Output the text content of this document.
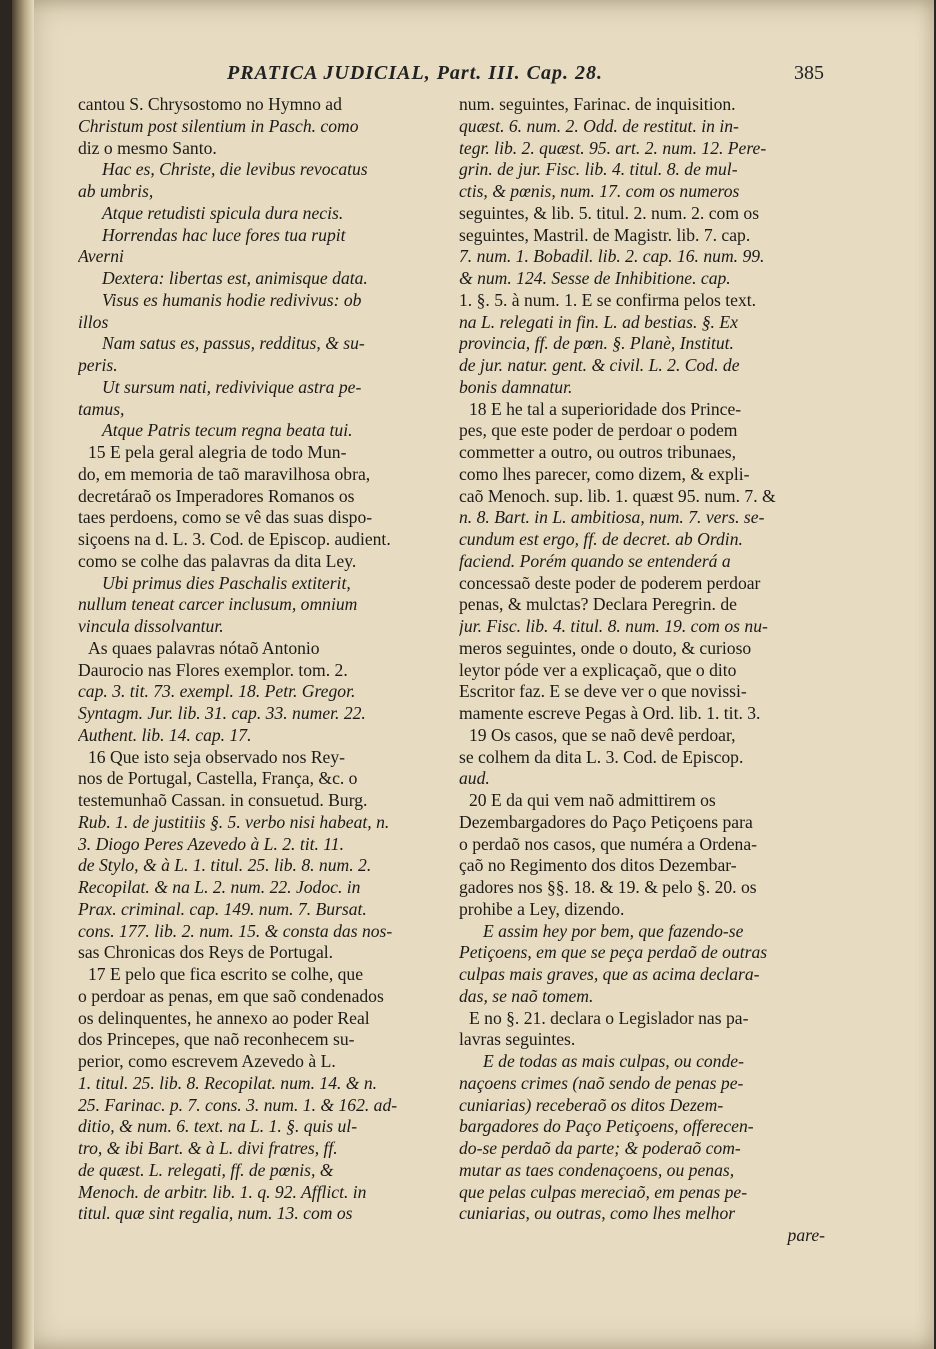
PRATICA JUDICIAL, Part. III. Cap. 28.	385
cantou S. Chrysostomo no Hymno ad
Christum post silentium in Pasch. como
diz o mesmo Santo.
Hac es, Christe, die levibus revocatus
ab umbris,
Atque retudisti spicula dura necis.
Horrendas hac luce fores tua rupit
Averni
Dextera: libertas est, animisque data.
Visus es humanis hodie redivivus: ob
illos
Nam satus es, passus, redditus, & su-
peris.
Ut sursum nati, redivivique astra pe-
tamus,
Atque Patris tecum regna beata tui.
15 E pela geral alegria de todo Mun-
do, em memoria de taõ maravilhosa obra,
decretáraõ os Imperadores Romanos os
taes perdoens, como se vê das suas dispo-
siçoens na d. L. 3. Cod. de Episcop. audient.
como se colhe das palavras da dita Ley.
Ubi primus dies Paschalis extiterit,
nullum teneat carcer inclusum, omnium
vincula dissolvantur.
As quaes palavras nótaõ Antonio
Daurocio nas Flores exemplor. tom. 2.
cap. 3. tit. 73. exempl. 18. Petr. Gregor.
Syntagm. Jur. lib. 31. cap. 33. numer. 22.
Authent. lib. 14. cap. 17.
16 Que isto seja observado nos Rey-
nos de Portugal, Castella, França, &c. o
testemunhaõ Cassan. in consuetud. Burg.
Rub. 1. de justitiis §. 5. verbo nisi habeat, n.
3. Diogo Peres Azevedo à L. 2. tit. 11.
de Stylo, & à L. 1. titul. 25. lib. 8. num. 2.
Recopilat. & na L. 2. num. 22. Jodoc. in
Prax. criminal. cap. 149. num. 7. Bursat.
cons. 177. lib. 2. num. 15. & consta das nos-
sas Chronicas dos Reys de Portugal.
17 E pelo que fica escrito se colhe, que
o perdoar as penas, em que saõ condenados
os delinquentes, he annexo ao poder Real
dos Princepes, que naõ reconhecem su-
perior, como escrevem Azevedo à L.
1. titul. 25. lib. 8. Recopilat. num. 14. & n.
25. Farinac. p. 7. cons. 3. num. 1. & 162. ad-
ditio, & num. 6. text. na L. 1. §. quis ul-
tro, & ibi Bart. & à L. divi fratres, ff.
de quæst. L. relegati, ff. de pœnis, &
Menoch. de arbitr. lib. 1. q. 92. Afflict. in
titul. quæ sint regalia, num. 13. com os
num. seguintes, Farinac. de inquisition.
quæst. 6. num. 2. Odd. de restitut. in in-
tegr. lib. 2. quæst. 95. art. 2. num. 12. Pere-
grin. de jur. Fisc. lib. 4. titul. 8. de mul-
ctis, & pœnis, num. 17. com os numeros
seguintes, & lib. 5. titul. 2. num. 2. com os
seguintes, Mastril. de Magistr. lib. 7. cap.
7. num. 1. Bobadil. lib. 2. cap. 16. num. 99.
& num. 124. Sesse de Inhibitione. cap.
1. §. 5. à num. 1. E se confirma pelos text.
na L. relegati in fin. L. ad bestias. §. Ex
provincia, ff. de pœn. §. Planè, Institut.
de jur. natur. gent. & civil. L. 2. Cod. de
bonis damnatur.
18 E he tal a superioridade dos Prince-
pes, que este poder de perdoar o podem
commetter a outro, ou outros tribunaes,
como lhes parecer, como dizem, & expli-
caõ Menoch. sup. lib. 1. quæst 95. num. 7. &
n. 8. Bart. in L. ambitiosa, num. 7. vers. se-
cundum est ergo, ff. de decret. ab Ordin.
faciend. Porém quando se entenderá a
concessaõ deste poder de poderem perdoar
penas, & mulctas? Declara Peregrin. de
jur. Fisc. lib. 4. titul. 8. num. 19. com os nu-
meros seguintes, onde o douto, & curioso
leytor póde ver a explicaçaõ, que o dito
Escritor faz. E se deve ver o que novissi-
mamente escreve Pegas à Ord. lib. 1. tit. 3.
19 Os casos, que se naõ devê perdoar,
se colhem da dita L. 3. Cod. de Episcop.
aud.
20 E da qui vem naõ admittirem os
Dezembargadores do Paço Petiçoens para
o perdaõ nos casos, que numéra a Ordena-
çaõ no Regimento dos ditos Dezembar-
gadores nos §§. 18. & 19. & pelo §. 20. os
prohibe a Ley, dizendo.
E assim hey por bem, que fazendo-se
Petiçoens, em que se peça perdaõ de outras
culpas mais graves, que as acima declara-
das, se naõ tomem.
E no §. 21. declara o Legislador nas pa-
lavras seguintes.
E de todas as mais culpas, ou conde-
naçoens crimes (naõ sendo de penas pe-
cuniarias) receberaõ os ditos Dezem-
bargadores do Paço Petiçoens, offerecen-
do-se perdaõ da parte; & poderaõ com-
mutar as taes condenaçoens, ou penas,
que pelas culpas mereciaõ, em penas pe-
cuniarias, ou outras, como lhes melhor
pare-
